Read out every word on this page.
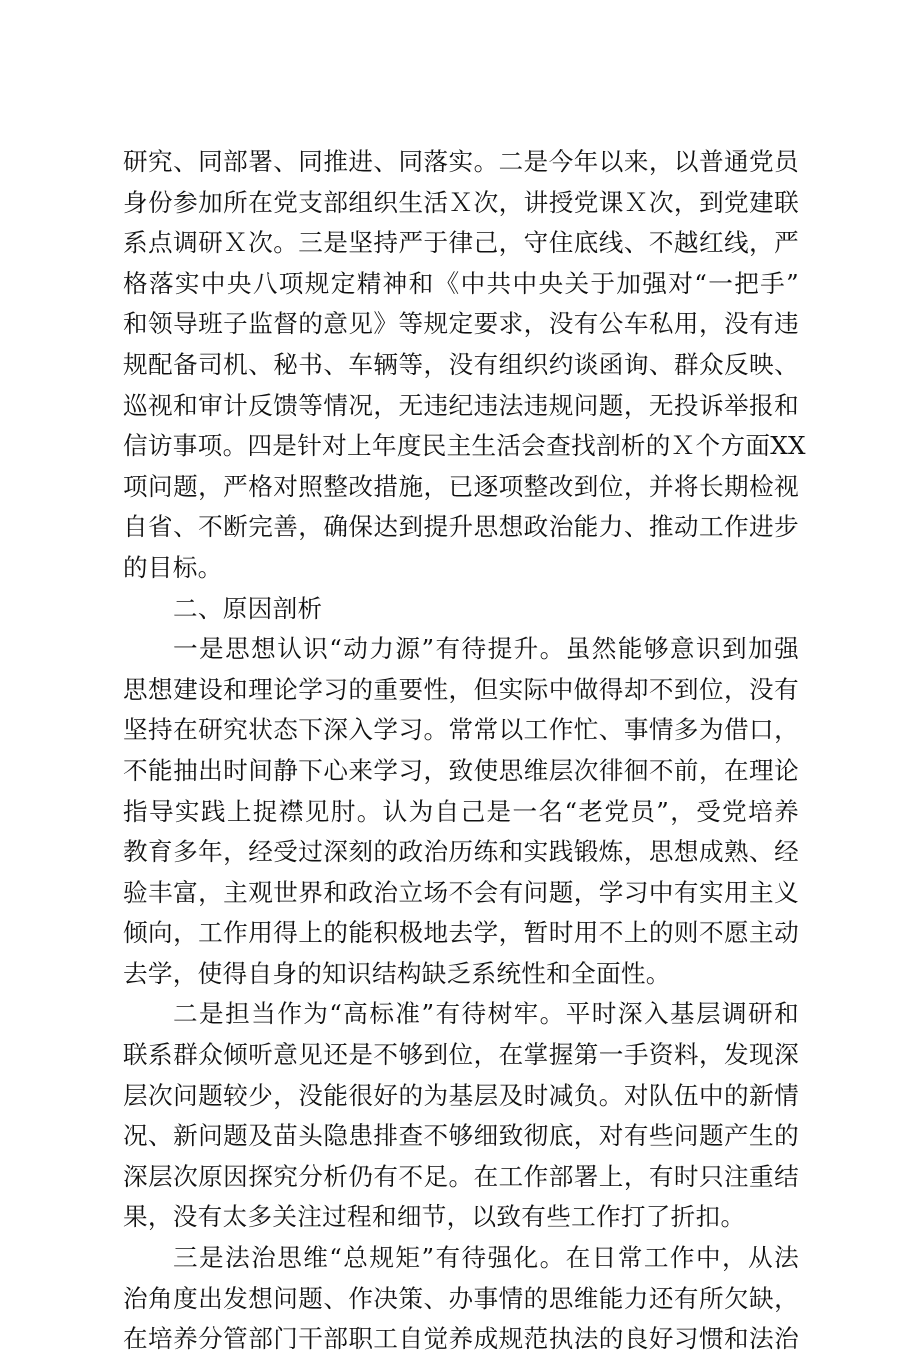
研究、同部署、同推进、同落实。二是今年以来，以普通党员
身份参加所在党支部组织生活Ｘ次，讲授党课Ｘ次，到党建联
系点调研Ｘ次。三是坚持严于律己，守住底线、不越红线，严
格落实中央八项规定精神和《中共中央关于加强对“一把手”
和领导班子监督的意见》等规定要求，没有公车私用，没有违
规配备司机、秘书、车辆等，没有组织约谈函询、群众反映、
巡视和审计反馈等情况，无违纪违法违规问题，无投诉举报和
信访事项。四是针对上年度民主生活会查找剖析的Ｘ个方面XX
项问题，严格对照整改措施，已逐项整改到位，并将长期检视
自省、不断完善，确保达到提升思想政治能力、推动工作进步
的目标。
二、原因剖析
一是思想认识“动力源”有待提升。虽然能够意识到加强
思想建设和理论学习的重要性，但实际中做得却不到位，没有
坚持在研究状态下深入学习。常常以工作忙、事情多为借口，
不能抽出时间静下心来学习，致使思维层次徘徊不前，在理论
指导实践上捉襟见肘。认为自己是一名“老党员”，受党培养
教育多年，经受过深刻的政治历练和实践锻炼，思想成熟、经
验丰富，主观世界和政治立场不会有问题，学习中有实用主义
倾向，工作用得上的能积极地去学，暂时用不上的则不愿主动
去学，使得自身的知识结构缺乏系统性和全面性。
二是担当作为“高标准”有待树牢。平时深入基层调研和
联系群众倾听意见还是不够到位，在掌握第一手资料，发现深
层次问题较少，没能很好的为基层及时减负。对队伍中的新情
况、新问题及苗头隐患排查不够细致彻底，对有些问题产生的
深层次原因探究分析仍有不足。在工作部署上，有时只注重结
果，没有太多关注过程和细节，以致有些工作打了折扣。
三是法治思维“总规矩”有待强化。在日常工作中，从法
治角度出发想问题、作决策、办事情的思维能力还有所欠缺，
在培养分管部门干部职工自觉养成规范执法的良好习惯和法治
